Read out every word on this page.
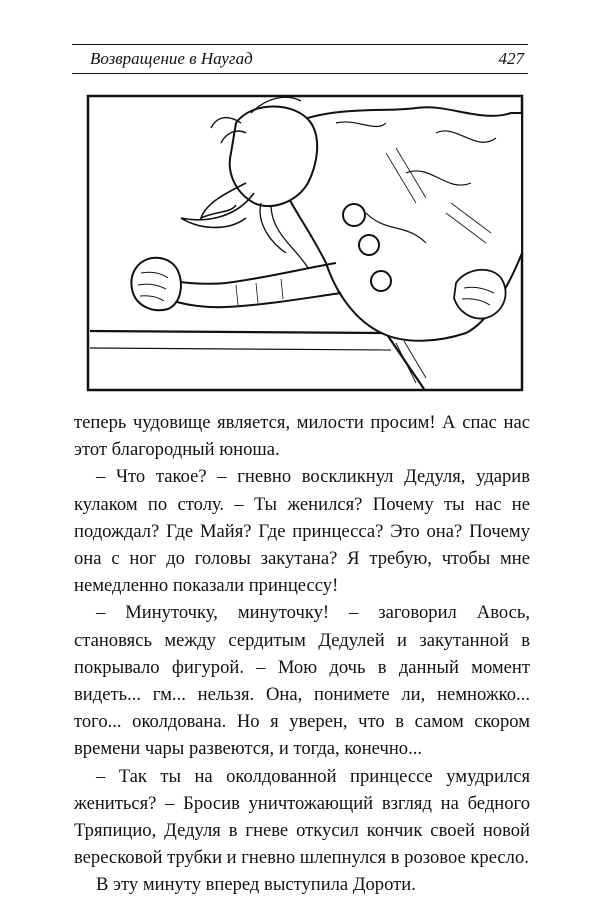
Возвращение в Наугад	427

теперь чудовище является, милости просим! А спас нас этот благородный юноша.

– Что такое? – гневно воскликнул Дедуля, ударив кулаком по столу. – Ты женился? Почему ты нас не подождал? Где Майя? Где принцесса? Это она? Почему она с ног до головы закутана? Я требую, чтобы мне немедленно показали принцессу!

– Минуточку, минуточку! – заговорил Авось, становясь между сердитым Дедулей и закутанной в покрывало фигурой. – Мою дочь в данный момент видеть... гм... нельзя. Она, понимете ли, немножко... того... околдована. Но я уверен, что в самом скором времени чары развеются, и тогда, конечно...

– Так ты на околдованной принцессе умудрился жениться? – Бросив уничтожающий взгляд на бедного Тряпицио, Дедуля в гневе откусил кончик своей новой вересковой трубки и гневно шлепнулся в розовое кресло.

В эту минуту вперед выступила Дороти.
